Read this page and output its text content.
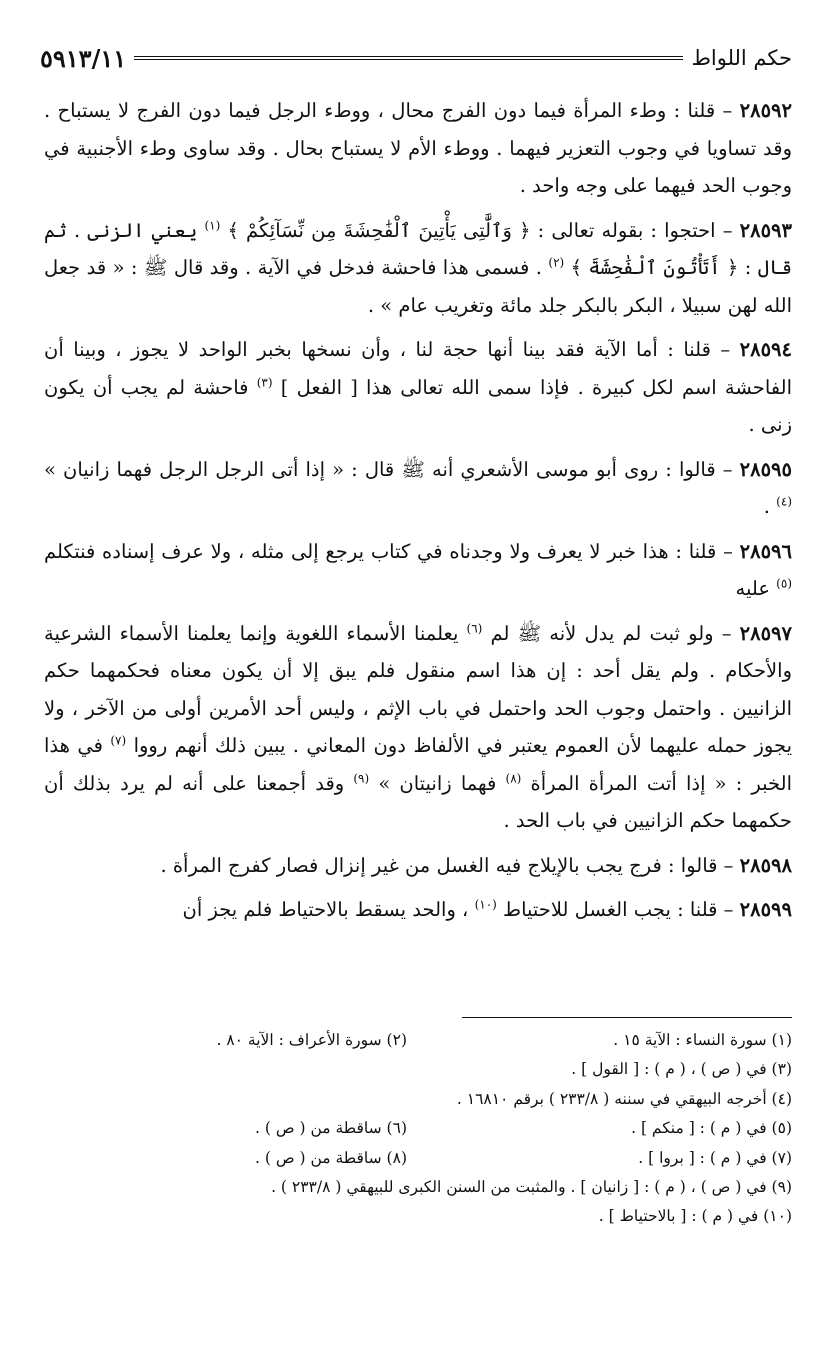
حكم اللواط
٥٩١٣/١١

٢٨٥٩٢ – قلنا : وطء المرأة فيما دون الفرج محال ، ووطء الرجل فيما دون الفرج لا يستباح . وقد تساويا في وجوب التعزير فيهما . ووطء الأم لا يستباح بحال . وقد ساوى وطء الأجنبية في وجوب الحد فيهما على وجه واحد .

٢٨٥٩٣ – احتجوا : بقوله تعالى : ﴿ وَٱلَّٰتِى يَأْتِينَ ٱلْفَٰحِشَةَ مِن نِّسَآئِكُمْ ﴾ $^{(١)}$ يعني الزنى . ثم قال : ﴿ أَتَأْتُونَ ٱلْفَٰحِشَةَ ﴾ $^{(٢)}$ . فسمى هذا فاحشة فدخل في الآية . وقد قال ﷺ : « قد جعل الله لهن سبيلا ، البكر بالبكر جلد مائة وتغريب عام » .

٢٨٥٩٤ – قلنا : أما الآية فقد بينا أنها حجة لنا ، وأن نسخها بخبر الواحد لا يجوز ، وبينا أن الفاحشة اسم لكل كبيرة . فإذا سمى الله تعالى هذا [ الفعل ] $^{(٣)}$ فاحشة لم يجب أن يكون زنى .

٢٨٥٩٥ – قالوا : روى أبو موسى الأشعري أنه ﷺ قال : « إذا أتى الرجل الرجل فهما زانيان » $^{(٤)}$ .

٢٨٥٩٦ – قلنا : هذا خبر لا يعرف ولا وجدناه في كتاب يرجع إلى مثله ، ولا عرف إسناده فنتكلم $^{(٥)}$ عليه

٢٨٥٩٧ – ولو ثبت لم يدل لأنه ﷺ لم $^{(٦)}$ يعلمنا الأسماء اللغوية وإنما يعلمنا الأسماء الشرعية والأحكام . ولم يقل أحد : إن هذا اسم منقول فلم يبق إلا أن يكون معناه فحكمهما حكم الزانيين . واحتمل وجوب الحد واحتمل في باب الإثم ، وليس أحد الأمرين أولى من الآخر ، ولا يجوز حمله عليهما لأن العموم يعتبر في الألفاظ دون المعاني . يبين ذلك أنهم رووا $^{(٧)}$ في هذا الخبر : « إذا أتت المرأة المرأة $^{(٨)}$ فهما زانيتان » $^{(٩)}$ وقد أجمعنا على أنه لم يرد بذلك أن حكمهما حكم الزانيين في باب الحد .

٢٨٥٩٨ – قالوا : فرج يجب بالإيلاج فيه الغسل من غير إنزال فصار كفرج المرأة .

٢٨٥٩٩ – قلنا : يجب الغسل للاحتياط $^{(١٠)}$ ، والحد يسقط بالاحتياط فلم يجز أن

(١) سورة النساء : الآية ١٥ .
(٢) سورة الأعراف : الآية ٨٠ .
(٣) في ( ص ) ، ( م ) : [ القول ] .
(٤) أخرجه البيهقي في سننه ( ٢٣٣/٨ ) برقم ١٦٨١٠ .
(٥) في ( م ) : [ منكم ] .
(٦) ساقطة من ( ص ) .
(٧) في ( م ) : [ بروا ] .
(٨) ساقطة من ( ص ) .
(٩) في ( ص ) ، ( م ) : [ زانيان ] . والمثبت من السنن الكبرى للبيهقي ( ٢٣٣/٨ ) .
(١٠) في ( م ) : [ بالاحتياط ] .
